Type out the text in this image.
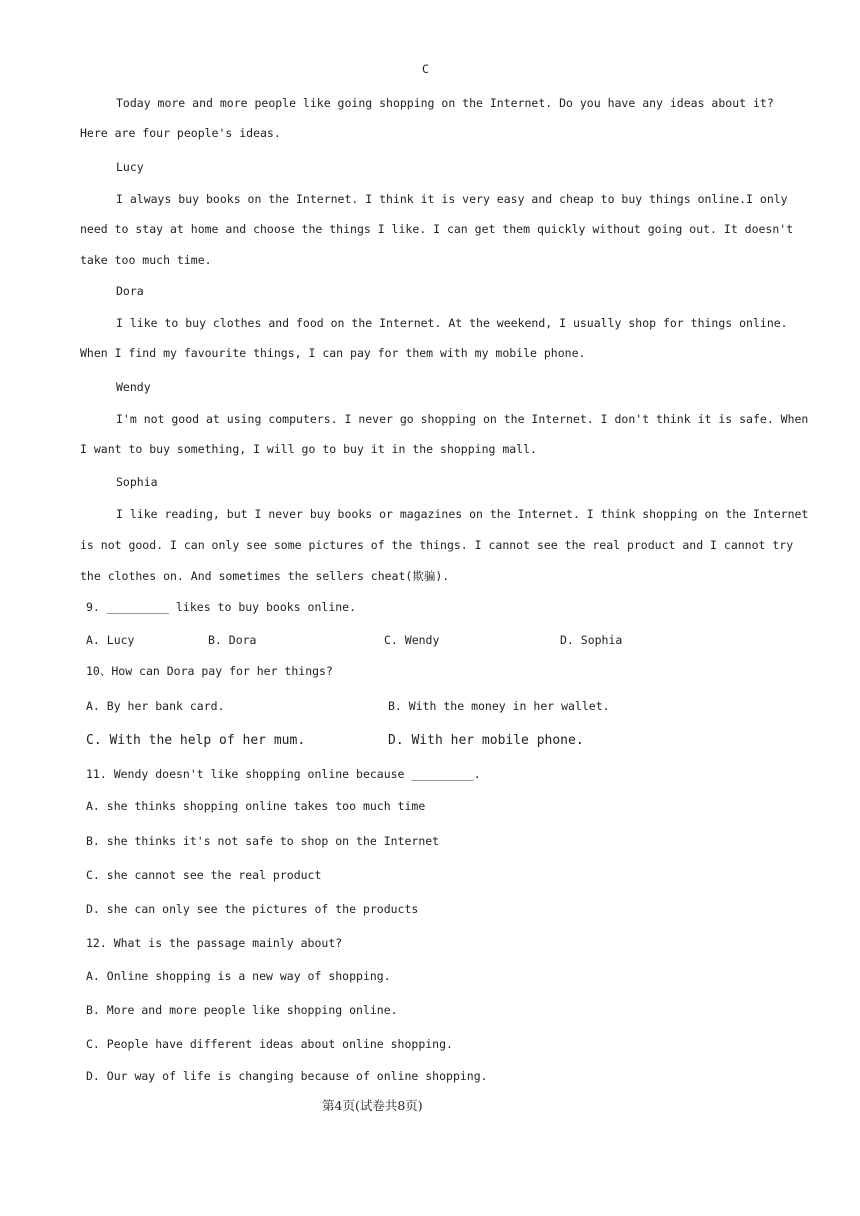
C
Today more and more people like going shopping on the Internet. Do you have any ideas about it?
Here are four people's ideas.
Lucy
I always buy books on the Internet. I think it is very easy and cheap to buy things online.I only
need to stay at home and choose the things I like. I can get them quickly without going out. It doesn't
take too much time.
Dora
I like to buy clothes and food on the Internet. At the weekend, I usually shop for things online.
When I find my favourite things, I can pay for them with my mobile phone.
Wendy
I'm not good at using computers. I never go shopping on the Internet. I don't think it is safe. When
I want to buy something, I will go to buy it in the shopping mall.
Sophia
I like reading, but I never buy books or magazines on the Internet. I think shopping on the Internet
is not good. I can only see some pictures of the things. I cannot see the real product and I cannot try
the clothes on. And sometimes the sellers cheat(欺骗).
9. _________ likes to buy books online.
A. Lucy	B. Dora	C. Wendy	D. Sophia
10、How can Dora pay for her things?
A. By her bank card.	B. With the money in her wallet.
C. With the help of her mum.	D. With her mobile phone.
11. Wendy doesn't like shopping online because _________.
A. she thinks shopping online takes too much time
B. she thinks it's not safe to shop on the Internet
C. she cannot see the real product
D. she can only see the pictures of the products
12. What is the passage mainly about?
A. Online shopping is a new way of shopping.
B. More and more people like shopping online.
C. People have different ideas about online shopping.
D. Our way of life is changing because of online shopping.
第4页(试卷共8页)
